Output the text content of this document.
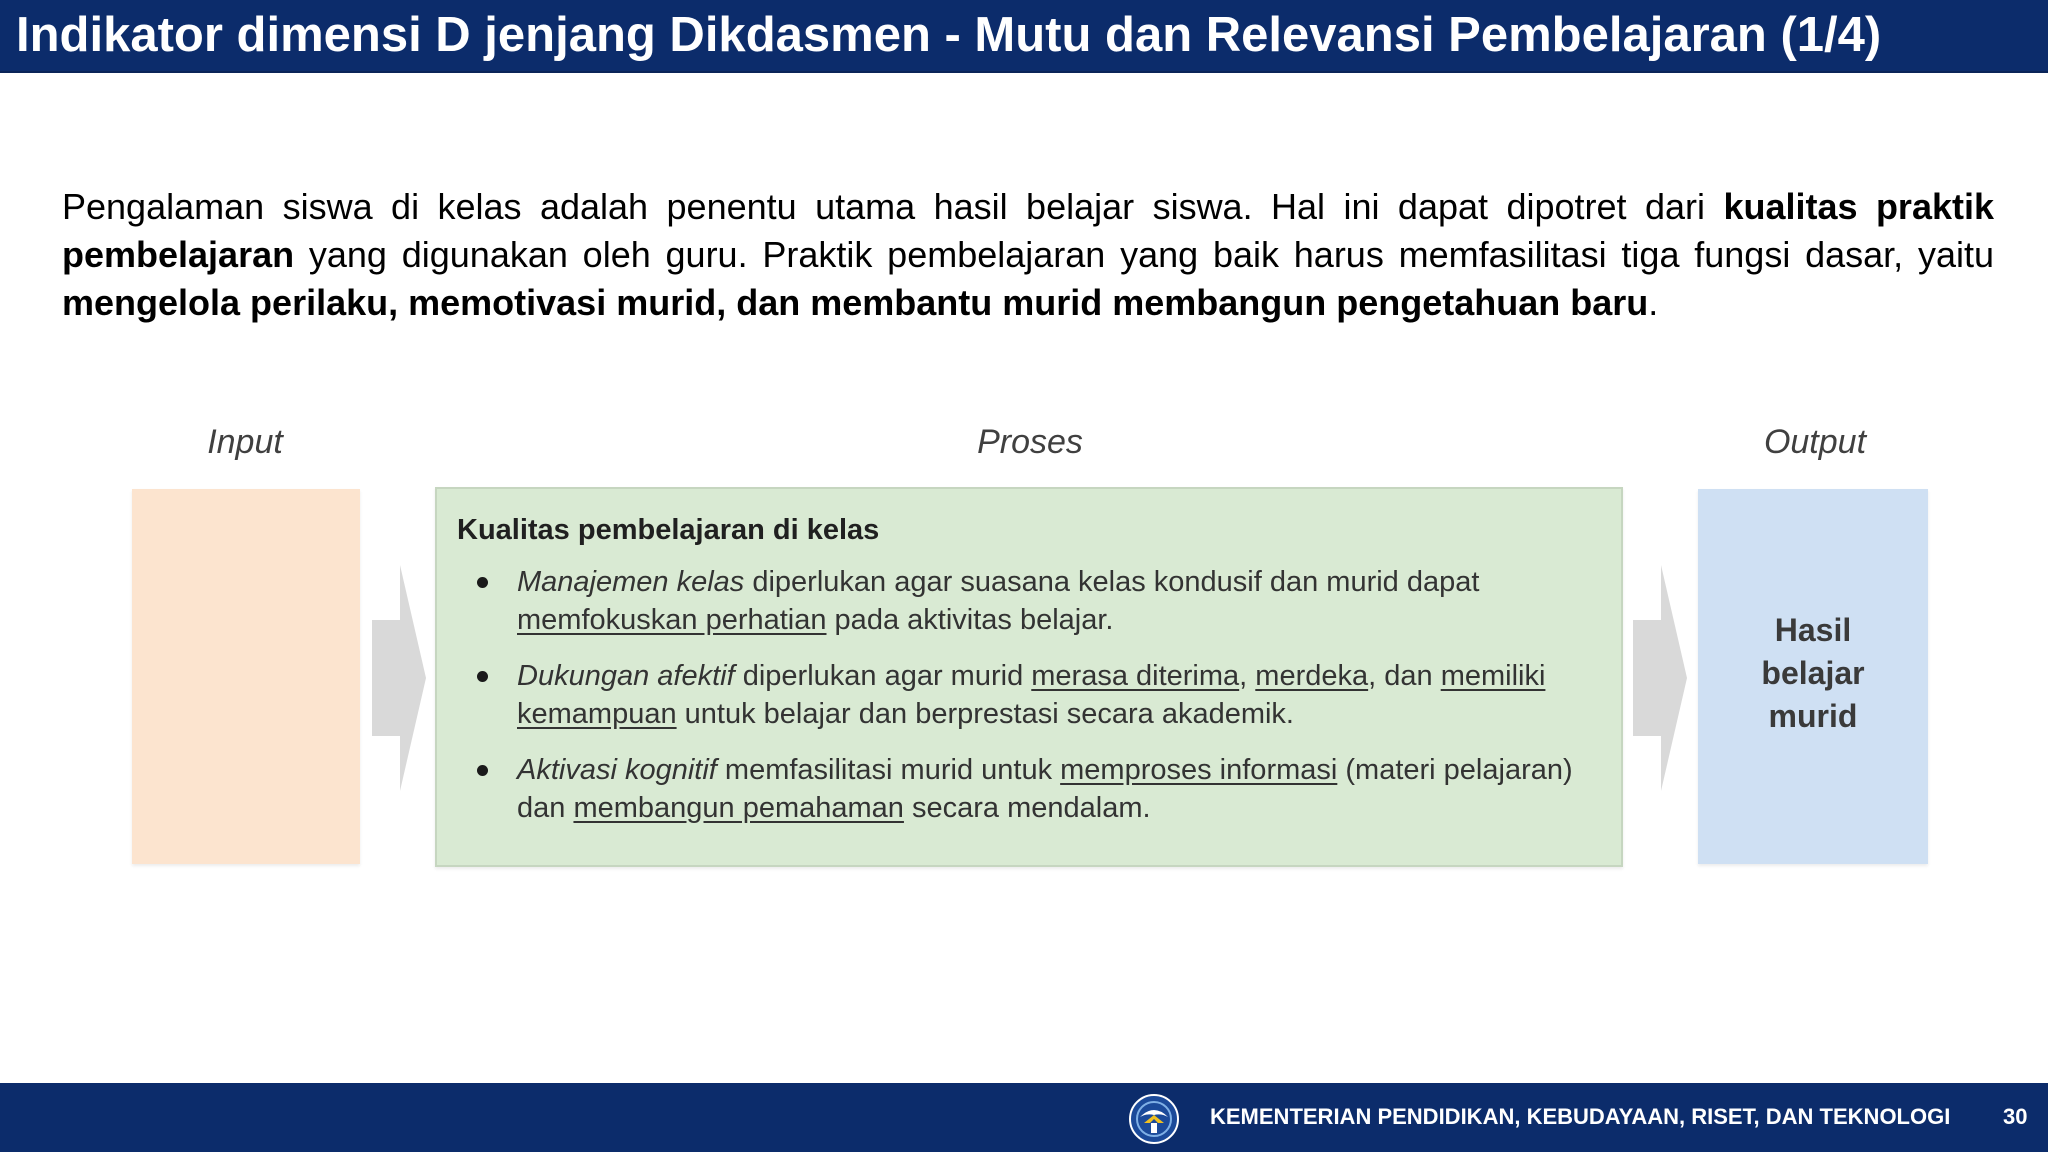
Indikator dimensi D jenjang Dikdasmen - Mutu dan Relevansi Pembelajaran (1/4)

Pengalaman siswa di kelas adalah penentu utama hasil belajar siswa. Hal ini dapat dipotret dari kualitas praktik pembelajaran yang digunakan oleh guru. Praktik pembelajaran yang baik harus memfasilitasi tiga fungsi dasar, yaitu mengelola perilaku, memotivasi murid, dan membantu murid membangun pengetahuan baru.

Input	Proses	Output
Kualitas pembelajaran di kelas
Manajemen kelas diperlukan agar suasana kelas kondusif dan murid dapat memfokuskan perhatian pada aktivitas belajar.
Dukungan afektif diperlukan agar murid merasa diterima, merdeka, dan memiliki kemampuan untuk belajar dan berprestasi secara akademik.
Aktivasi kognitif memfasilitasi murid untuk memproses informasi (materi pelajaran) dan membangun pemahaman secara mendalam.

Hasil
belajar
murid

KEMENTERIAN PENDIDIKAN, KEBUDAYAAN, RISET, DAN TEKNOLOGI 30
